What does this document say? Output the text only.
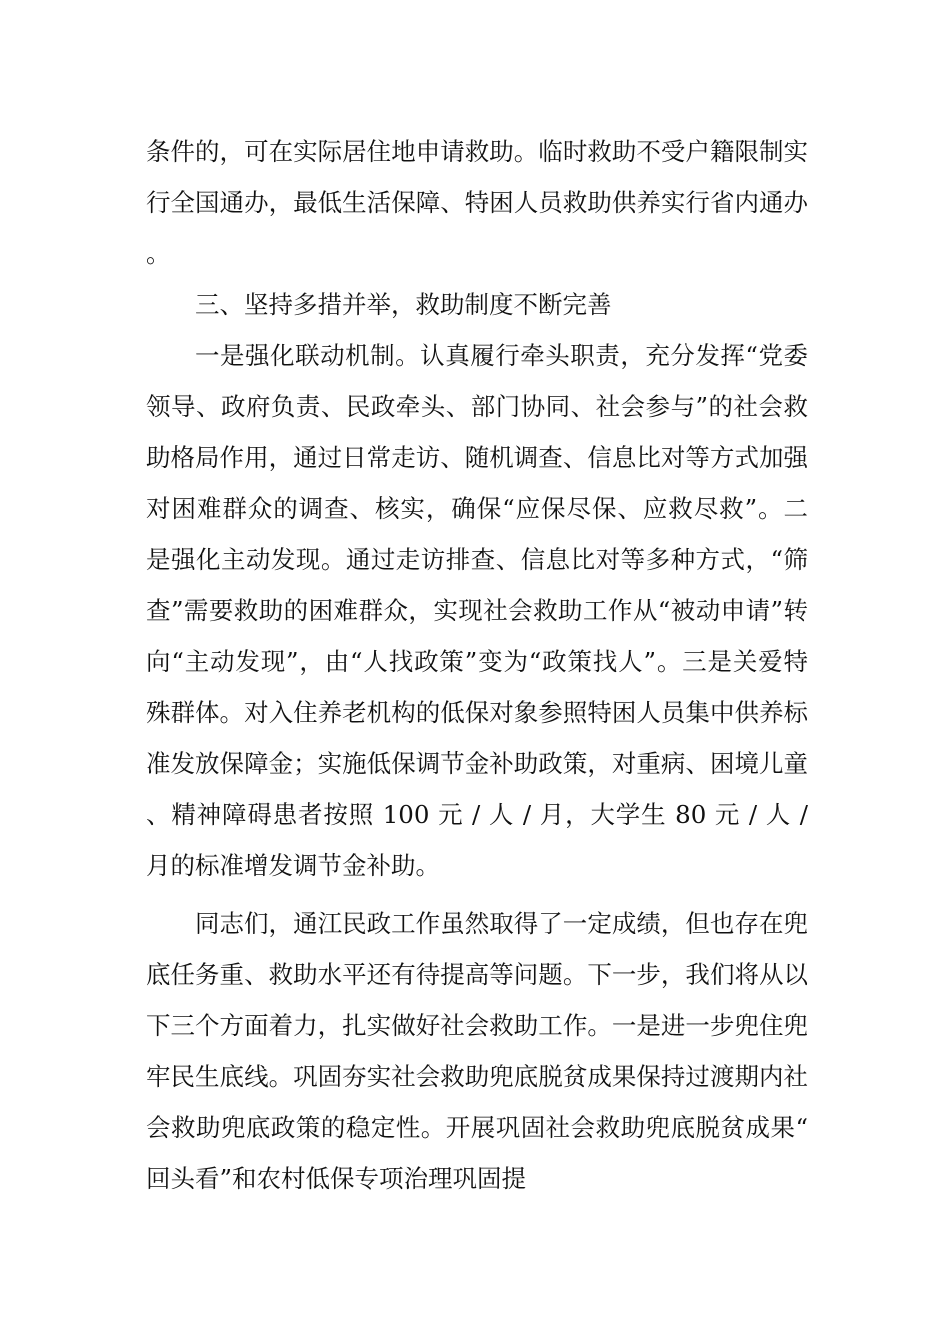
条件的，可在实际居住地申请救助。临时救助不受户籍限制实行全国通办，最低生活保障、特困人员救助供养实行省内通办。

三、坚持多措并举，救助制度不断完善

一是强化联动机制。认真履行牵头职责，充分发挥“党委领导、政府负责、民政牵头、部门协同、社会参与”的社会救助格局作用，通过日常走访、随机调查、信息比对等方式加强对困难群众的调查、核实，确保“应保尽保、应救尽救”。二是强化主动发现。通过走访排查、信息比对等多种方式，“筛查”需要救助的困难群众，实现社会救助工作从“被动申请”转向“主动发现”，由“人找政策”变为“政策找人”。三是关爱特殊群体。对入住养老机构的低保对象参照特困人员集中供养标准发放保障金；实施低保调节金补助政策，对重病、困境儿童、精神障碍患者按照 100 元 / 人 / 月，大学生 80 元 / 人 / 月的标准增发调节金补助。

同志们，通江民政工作虽然取得了一定成绩，但也存在兜底任务重、救助水平还有待提高等问题。下一步，我们将从以下三个方面着力，扎实做好社会救助工作。一是进一步兜住兜牢民生底线。巩固夯实社会救助兜底脱贫成果保持过渡期内社会救助兜底政策的稳定性。开展巩固社会救助兜底脱贫成果“回头看”和农村低保专项治理巩固提
